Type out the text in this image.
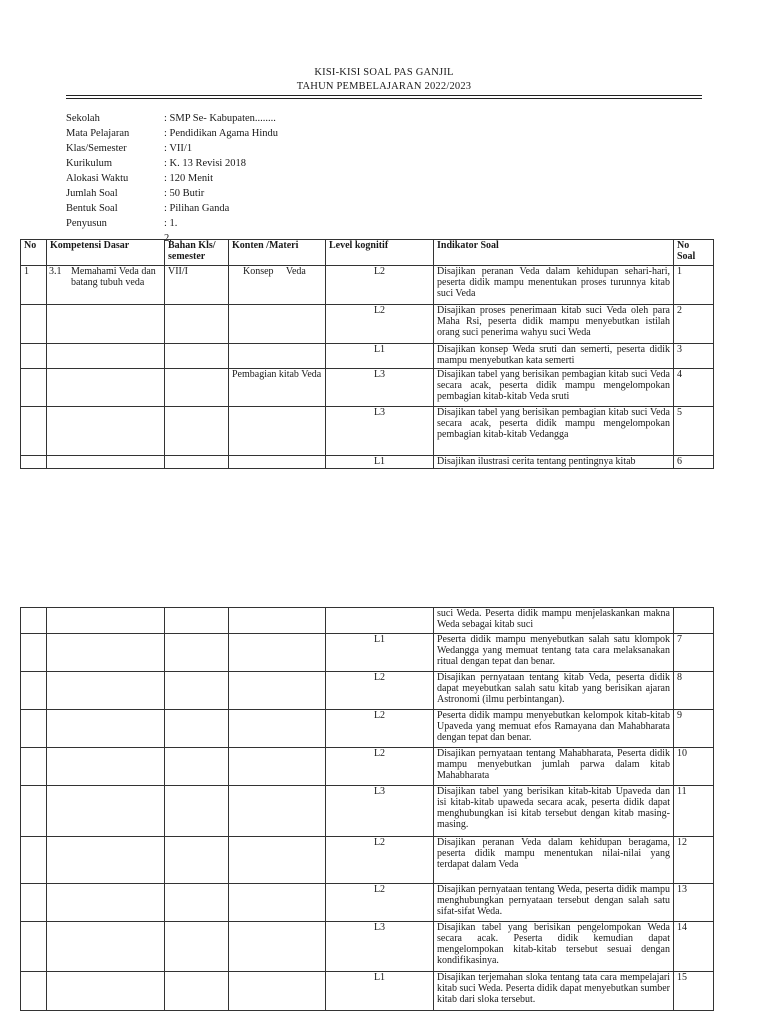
KISI-KISI SOAL PAS GANJIL
TAHUN PEMBELAJARAN 2022/2023
Sekolah	: SMP Se- Kabupaten........
Mata Pelajaran	: Pendidikan Agama Hindu
Klas/Semester	: VII/1
Kurikulum	: K. 13 Revisi 2018
Alokasi Waktu	: 120 Menit
Jumlah Soal	: 50 Butir
Bentuk Soal	: Pilihan Ganda
Penyusun	: 1.
2.
No	Kompetensi Dasar	Bahan Kls/ semester	Konten /Materi	Level kognitif	Indikator Soal	No Soal
1	3.1 Memahami Veda dan batang tubuh veda	VII/I	Konsep Veda	L2	Disajikan peranan Veda dalam kehidupan sehari-hari, peserta didik mampu menentukan proses turunnya kitab suci Veda	1
				L2	Disajikan proses penerimaan kitab suci Veda oleh para Maha Rsi, peserta didik mampu menyebutkan istilah orang suci penerima wahyu suci Weda	2
				L1	Disajikan konsep Weda sruti dan semerti, peserta didik mampu menyebutkan kata semerti	3
			Pembagian kitab Veda	L3	Disajikan tabel yang berisikan pembagian kitab suci Veda secara acak, peserta didik mampu mengelompokan pembagian kitab-kitab Veda sruti	4
				L3	Disajikan tabel yang berisikan pembagian kitab suci Veda secara acak, peserta didik mampu mengelompokan pembagian kitab-kitab Vedangga	5
				L1	Disajikan ilustrasi cerita tentang pentingnya kitab	6
					suci Weda. Peserta didik mampu menjelaskankan makna Weda sebagai kitab suci	
				L1	Peserta didik mampu menyebutkan salah satu klompok Wedangga yang memuat tentang tata cara melaksanakan ritual dengan tepat dan benar.	7
				L2	Disajikan pernyataan tentang kitab Veda, peserta didik dapat meyebutkan salah satu kitab yang berisikan ajaran Astronomi (ilmu perbintangan).	8
				L2	Peserta didik mampu menyebutkan kelompok kitab-kitab Upaveda yang memuat efos Ramayana dan Mahabharata dengan tepat dan benar.	9
				L2	Disajikan pernyataan tentang Mahabharata, Peserta didik mampu menyebutkan jumlah parwa dalam kitab Mahabharata	10
				L3	Disajikan tabel yang berisikan kitab-kitab Upaveda dan isi kitab-kitab upaweda secara acak, peserta didik dapat menghubungkan isi kitab tersebut dengan kitab masing-masing.	11
				L2	Disajikan peranan Veda dalam kehidupan beragama, peserta didik mampu menentukan nilai-nilai yang terdapat dalam Veda	12
				L2	Disajikan pernyataan tentang Weda, peserta didik mampu menghubungkan pernyataan tersebut dengan salah satu sifat-sifat Weda.	13
				L3	Disajikan tabel yang berisikan pengelompokan Weda secara acak. Peserta didik kemudian dapat mengelompokan kitab-kitab tersebut sesuai dengan kondifikasinya.	14
				L1	Disajikan terjemahan sloka tentang tata cara mempelajari kitab suci Weda. Peserta didik dapat menyebutkan sumber kitab dari sloka tersebut.	15
